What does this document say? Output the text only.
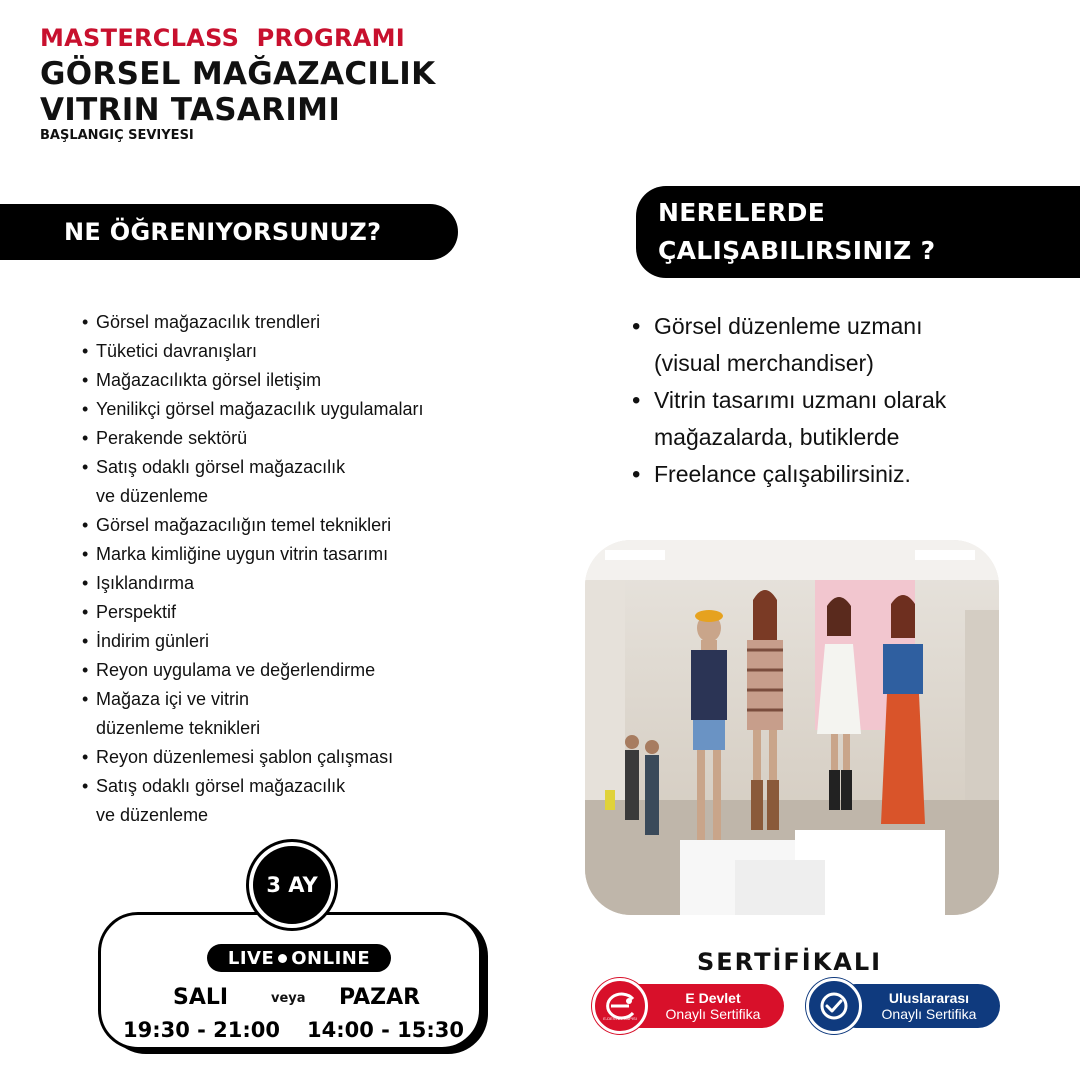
MASTERCLASS  PROGRAMI
GÖRSEL MAĞAZACILIK
VITRIN TASARIMI
BAŞLANGIÇ SEVIYESI
NE ÖĞRENIYORSUNUZ?
NERELERDE
ÇALIŞABILIRSINIZ ?
• Görsel mağazacılık trendleri
• Tüketici davranışları
• Mağazacılıkta görsel iletişim
• Yenilikçi görsel mağazacılık uygulamaları
• Perakende sektörü
• Satış odaklı görsel mağazacılık
ve düzenleme
• Görsel mağazacılığın temel teknikleri
• Marka kimliğine uygun vitrin tasarımı
• Işıklandırma
• Perspektif
• İndirim günleri
• Reyon uygulama ve değerlendirme
• Mağaza içi ve vitrin
düzenleme teknikleri
• Reyon düzenlemesi şablon çalışması
• Satış odaklı görsel mağazacılık
ve düzenleme
• Görsel düzenleme uzmanı
(visual merchandiser)
• Vitrin tasarımı uzmanı olarak
mağazalarda, butiklerde
• Freelance çalışabilirsiniz.
3 AY
LIVE ONLINE
SALI	veya PAZAR
19:30 - 21:00 14:00 - 15:30
SERTİFİKALI
E-DEVLET KAPISI
E Devlet
Onaylı Sertifika
Uluslararası
Onaylı Sertifika
